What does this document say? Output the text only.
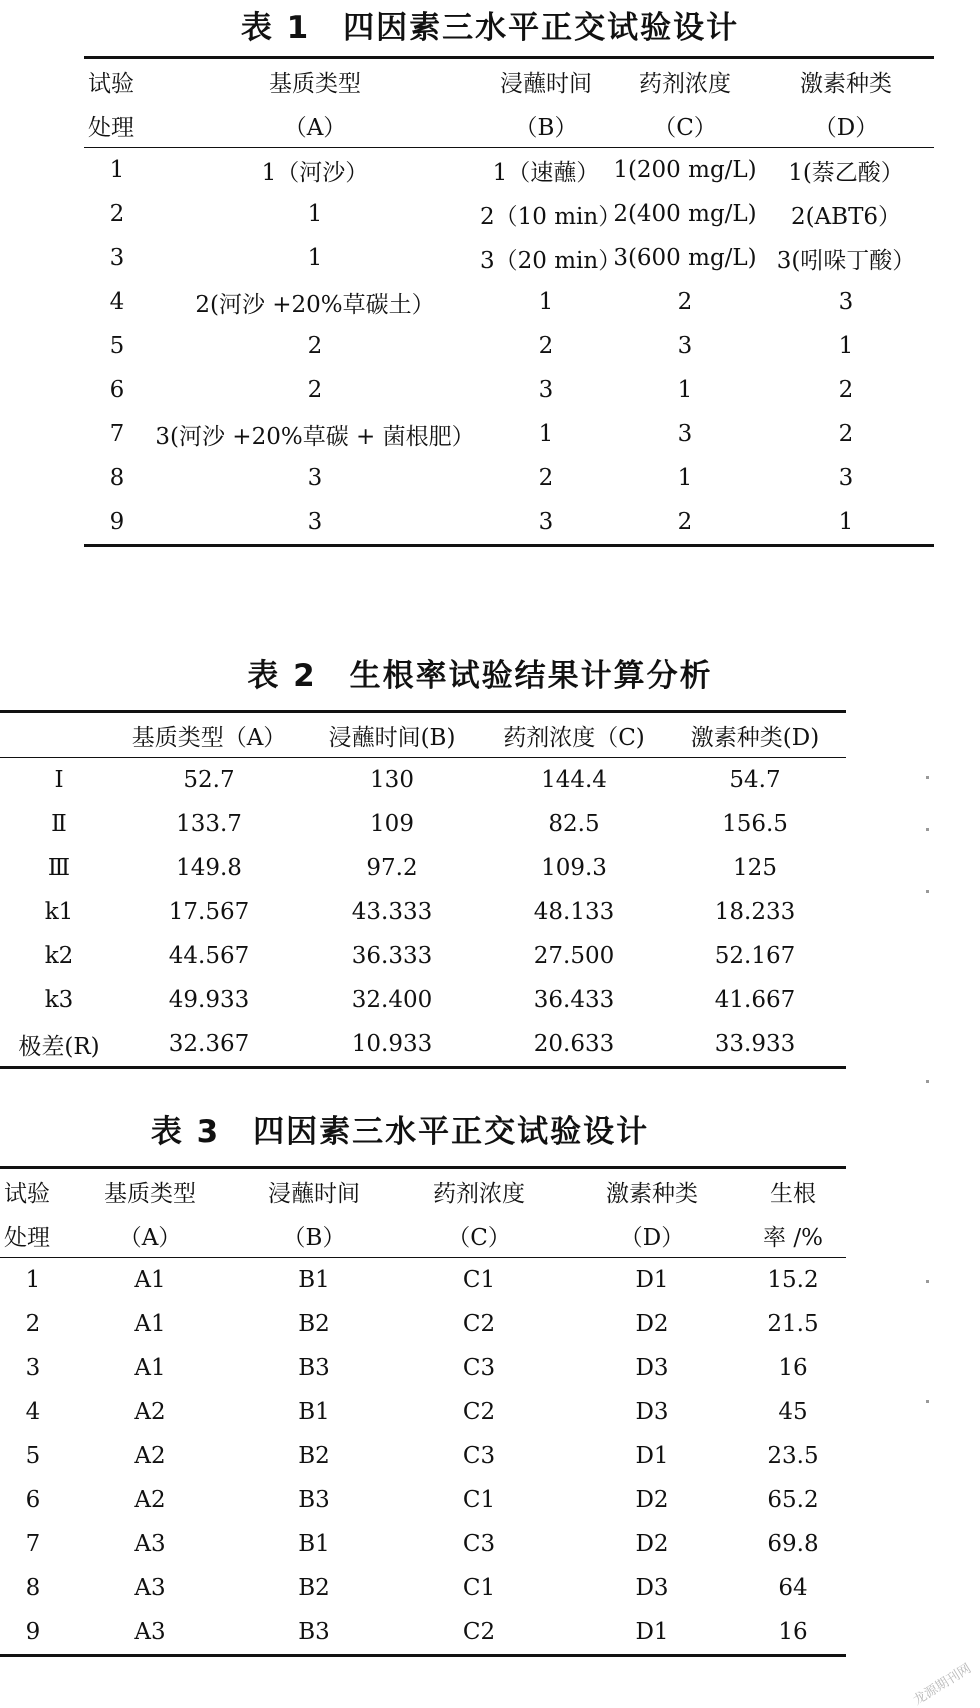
表 1　四因素三水平正交试验设计
试验	基质类型	浸蘸时间	药剂浓度	激素种类
处理	（A）	（B）	（C）	（D）
1	1（河沙）	1（速蘸）	1(200 mg/L)	1(萘乙酸）
2	1	2（10 min）	2(400 mg/L)	2(ABT6）
3	1	3（20 min）	3(600 mg/L)	3(吲哚丁酸）
4	2(河沙 +20%草碳土）	1	2	3
5	2	2	3	1
6	2	3	1	2
7	3(河沙 +20%草碳 + 菌根肥）	1	3	2
8	3	2	1	3
9	3	3	2	1
表 2　生根率试验结果计算分析
	基质类型（A）	浸蘸时间(B)	药剂浓度（C)	激素种类(D)
Ⅰ	52.7	130	144.4	54.7
Ⅱ	133.7	109	82.5	156.5
Ⅲ	149.8	97.2	109.3	125
k1	17.567	43.333	48.133	18.233
k2	44.567	36.333	27.500	52.167
k3	49.933	32.400	36.433	41.667
极差(R)	32.367	10.933	20.633	33.933
表 3　四因素三水平正交试验设计
试验	基质类型	浸蘸时间	药剂浓度	激素种类	生根
处理	（A）	（B）	（C）	（D）	率 /%
1	A1	B1	C1	D1	15.2
2	A1	B2	C2	D2	21.5
3	A1	B3	C3	D3	16
4	A2	B1	C2	D3	45
5	A2	B2	C3	D1	23.5
6	A2	B3	C1	D2	65.2
7	A3	B1	C3	D2	69.8
8	A3	B2	C1	D3	64
9	A3	B3	C2	D1	16
龙源期刊网
